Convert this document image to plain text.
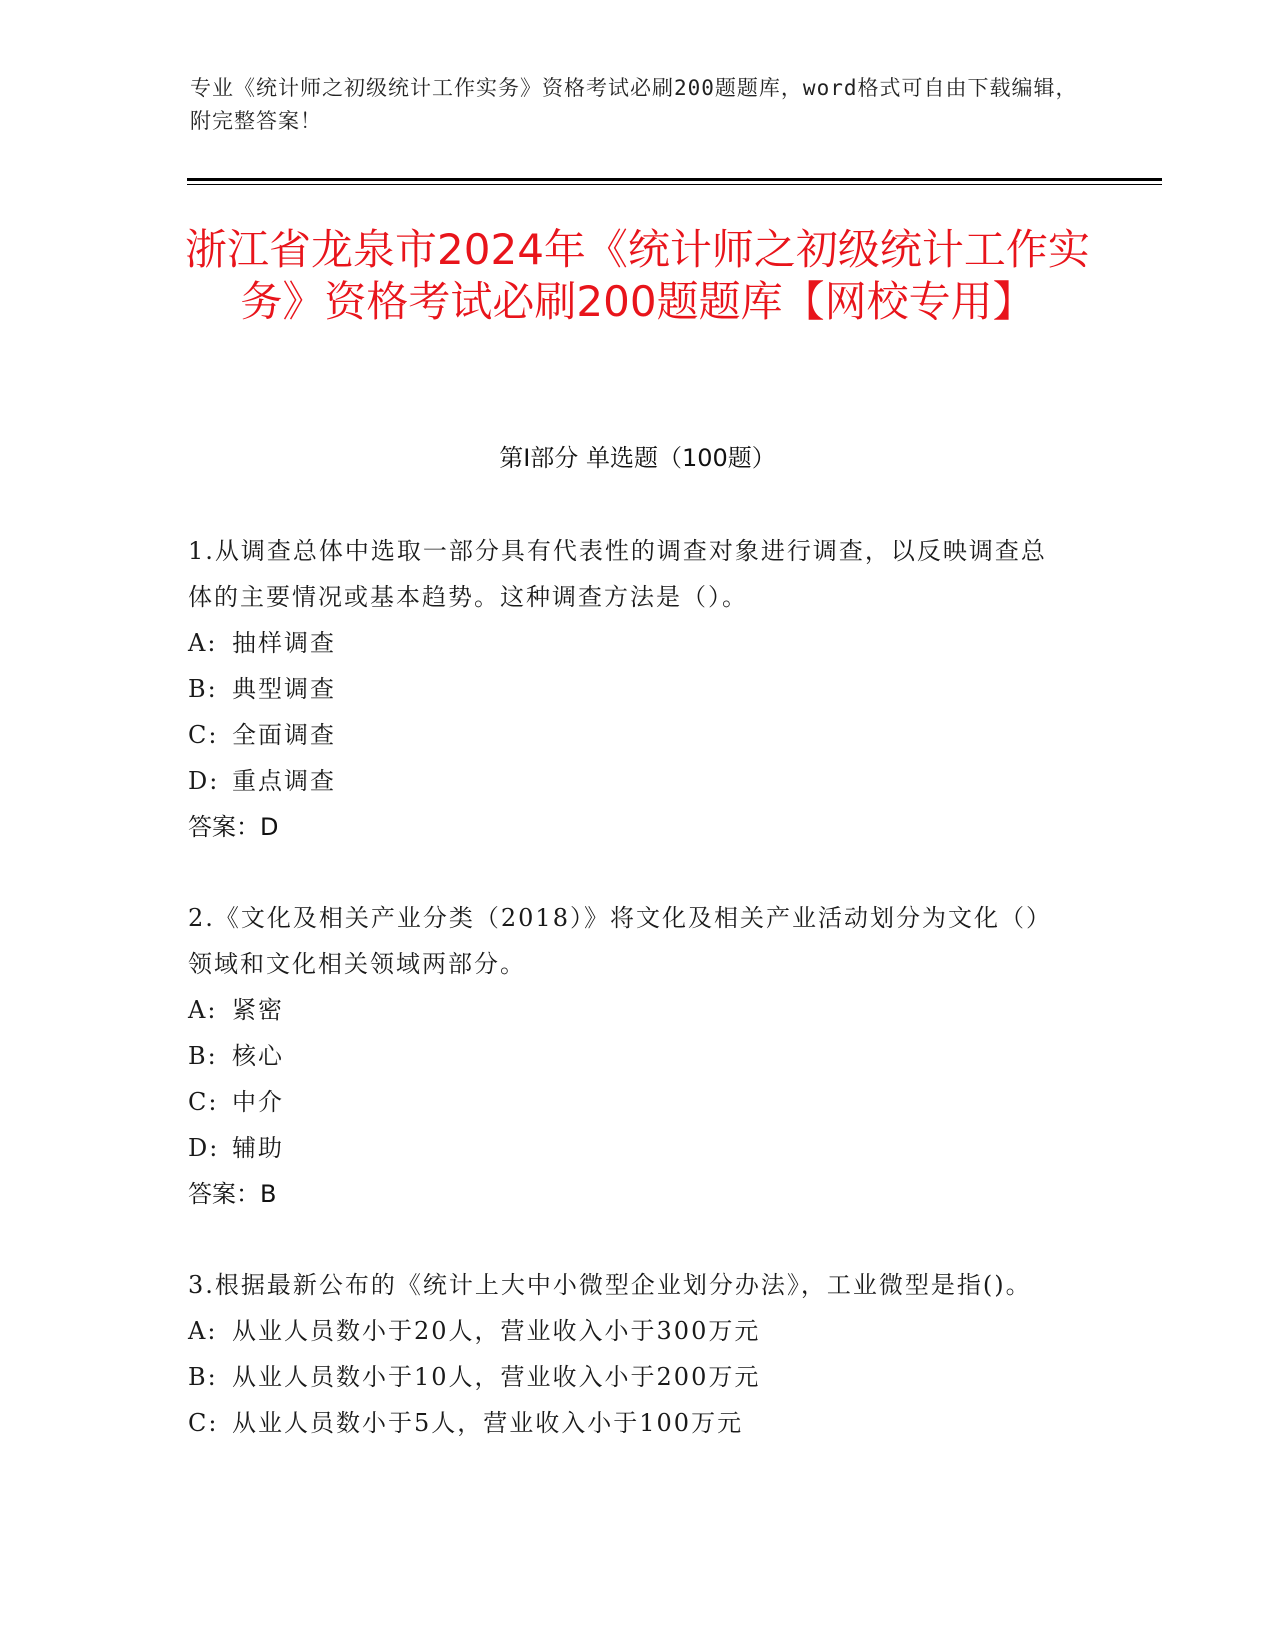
专业《统计师之初级统计工作实务》资格考试必刷200题题库，word格式可自由下载编辑，附完整答案！
浙江省龙泉市2024年《统计师之初级统计工作实务》资格考试必刷200题题库【网校专用】
第Ⅰ部分 单选题（100题）
1.从调查总体中选取一部分具有代表性的调查对象进行调查，以反映调查总体的主要情况或基本趋势。这种调查方法是（）。
A: 抽样调查
B: 典型调查
C: 全面调查
D: 重点调查
答案：D
2.《文化及相关产业分类（2018）》将文化及相关产业活动划分为文化（）领域和文化相关领域两部分。
A: 紧密
B: 核心
C: 中介
D: 辅助
答案：B
3.根据最新公布的《统计上大中小微型企业划分办法》，工业微型是指()。
A: 从业人员数小于20人，营业收入小于300万元
B: 从业人员数小于10人，营业收入小于200万元
C: 从业人员数小于5人，营业收入小于100万元
